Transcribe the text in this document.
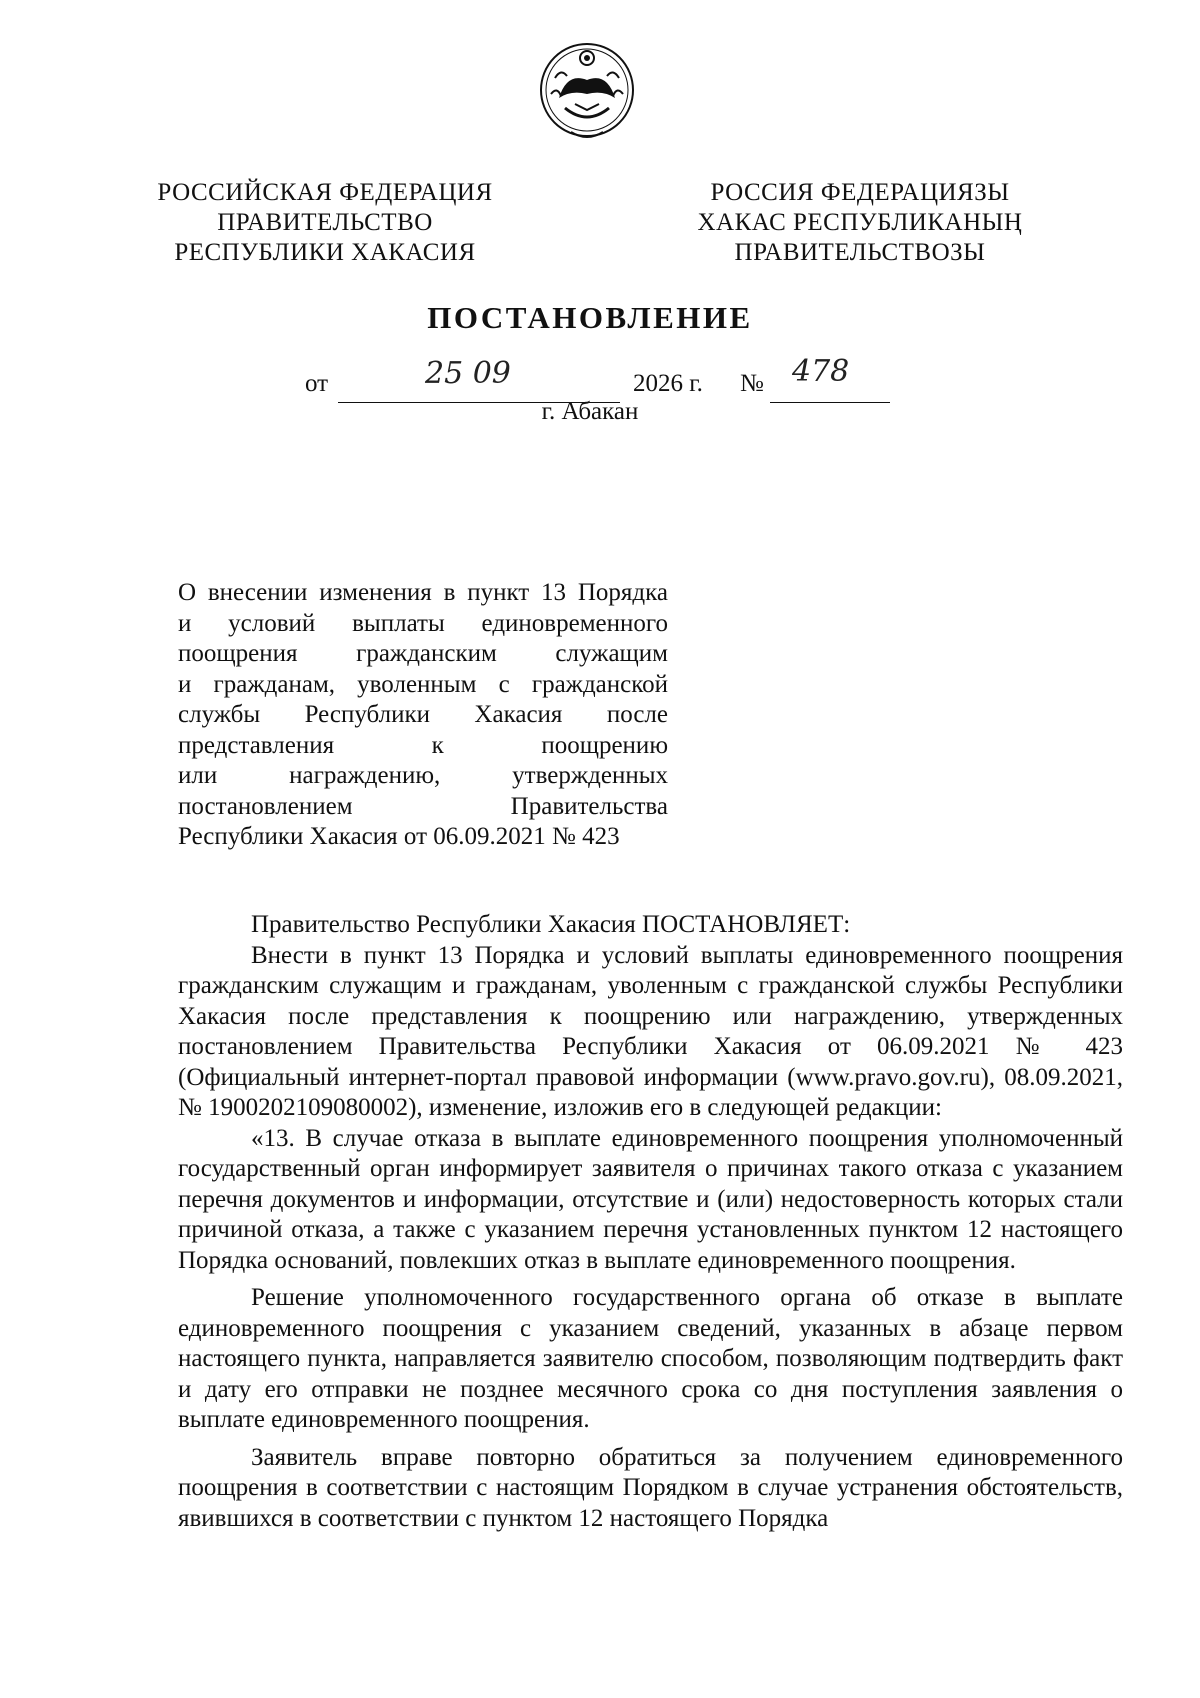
РОССИЙСКАЯ ФЕДЕРАЦИЯ
ПРАВИТЕЛЬСТВО
РЕСПУБЛИКИ ХАКАСИЯ
РОССИЯ ФЕДЕРАЦИЯЗЫ
ХАКАС РЕСПУБЛИКАНЫҢ
ПРАВИТЕЛЬСТВОЗЫ
ПОСТАНОВЛЕНИЕ
от	25 09	2026 г. № 478
г. Абакан

О внесении изменения в пункт 13 Порядка

и условий выплаты единовременного

поощрения гражданским служащим

и гражданам, уволенным с гражданской

службы Республики Хакасия после

представления к поощрению

или награждению, утвержденных

постановлением Правительства

Республики Хакасия от 06.09.2021 № 423

Правительство Республики Хакасия ПОСТАНОВЛЯЕТ:

Внести в пункт 13 Порядка и условий выплаты единовременного поощрения гражданским служащим и гражданам, уволенным с гражданской службы Республики Хакасия после представления к поощрению или награждению, утвержденных постановлением Правительства Республики Хакасия от 06.09.2021 № 423 (Официальный интернет-портал правовой информации (www.pravo.gov.ru), 08.09.2021, № 1900202109080002), изменение, изложив его в следующей редакции:

«13. В случае отказа в выплате единовременного поощрения уполномоченный государственный орган информирует заявителя о причинах такого отказа с указанием перечня документов и информации, отсутствие и (или) недостоверность которых стали причиной отказа, а также с указанием перечня установленных пунктом 12 настоящего Порядка оснований, повлекших отказ в выплате единовременного поощрения.

Решение уполномоченного государственного органа об отказе в выплате единовременного поощрения с указанием сведений, указанных в абзаце первом настоящего пункта, направляется заявителю способом, позволяющим подтвердить факт и дату его отправки не позднее месячного срока со дня поступления заявления о выплате единовременного поощрения.

Заявитель вправе повторно обратиться за получением единовременного поощрения в соответствии с настоящим Порядком в случае устранения обстоятельств, явившихся в соответствии с пунктом 12 настоящего Порядка
